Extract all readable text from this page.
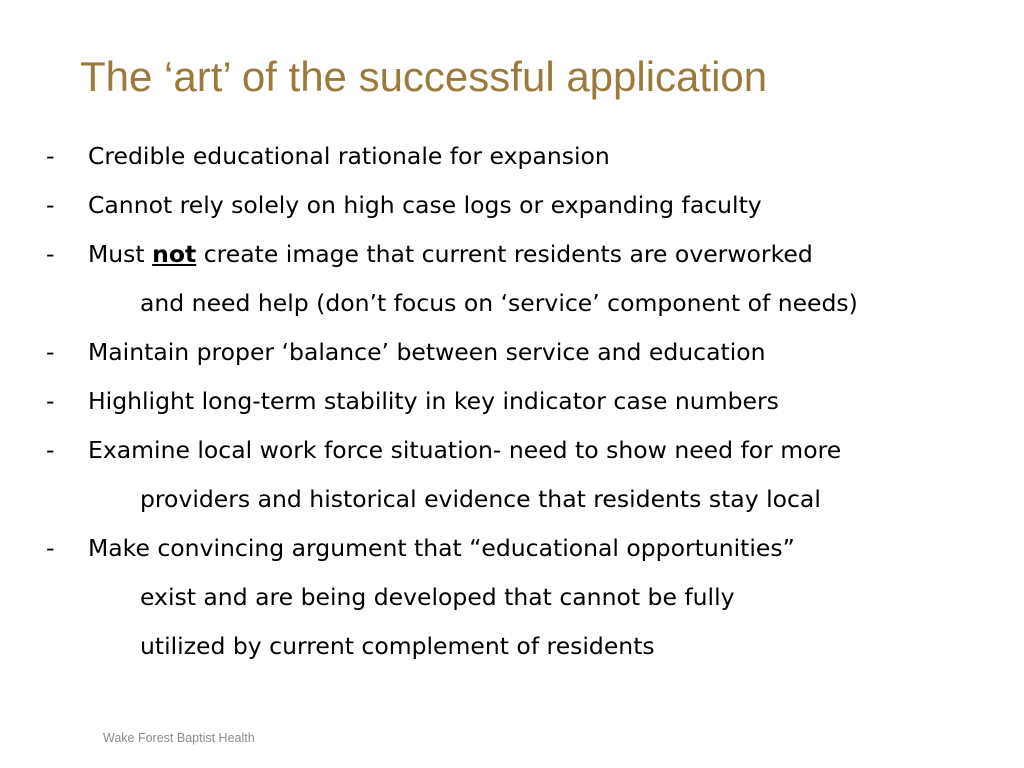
The ‘art’ of the successful application
- Credible educational rationale for expansion
- Cannot rely solely on high case logs or expanding faculty
- Must not create image that current residents are overworked
and need help (don’t focus on ‘service’ component of needs)
- Maintain proper ‘balance’ between service and education
- Highlight long-term stability in key indicator case numbers
- Examine local work force situation- need to show need for more
providers and historical evidence that residents stay local
- Make convincing argument that “educational opportunities”
exist and are being developed that cannot be fully
utilized by current complement of residents
Wake Forest Baptist Health
